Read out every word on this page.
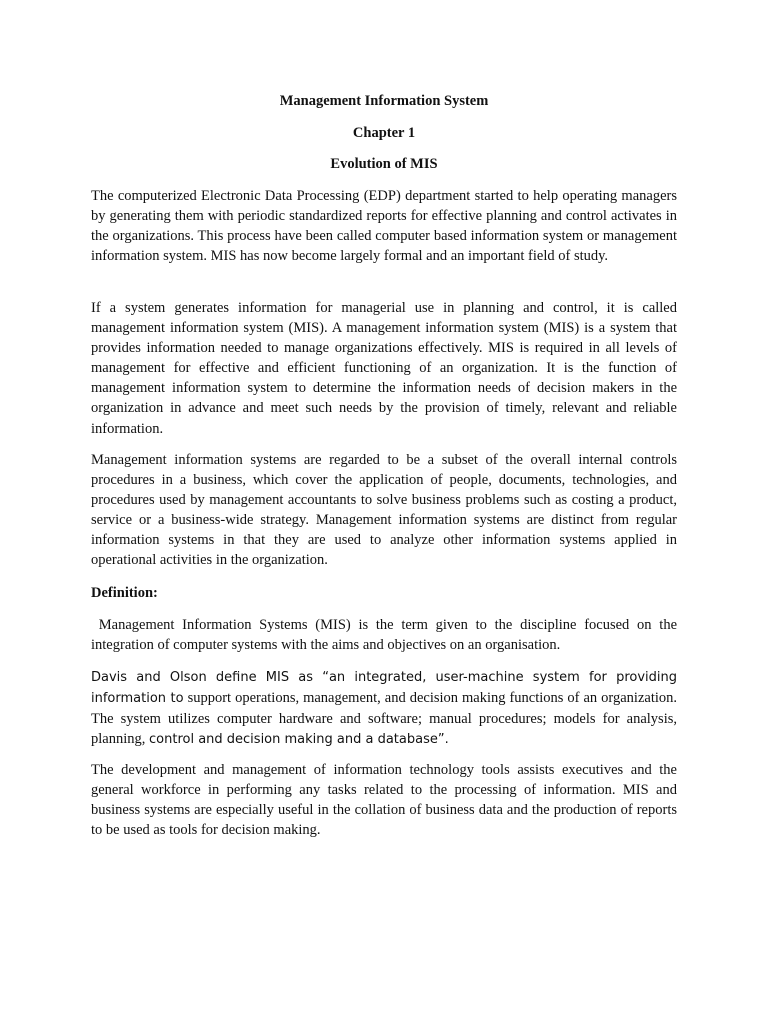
Management Information System
Chapter 1
Evolution of MIS

The computerized Electronic Data Processing (EDP) department started to help operating managers by generating them with periodic standardized reports for effective planning and control activates in the organizations. This process have been called computer based information system or management information system. MIS has now become largely formal and an important field of study.

If a system generates information for managerial use in planning and control, it is called management information system (MIS). A management information system (MIS) is a system that provides information needed to manage organizations effectively. MIS is required in all levels of management for effective and efficient functioning of an organization. It is the function of management information system to determine the information needs of decision makers in the organization in advance and meet such needs by the provision of timely, relevant and reliable information.

Management information systems are regarded to be a subset of the overall internal controls procedures in a business, which cover the application of people, documents, technologies, and procedures used by management accountants to solve business problems such as costing a product, service or a business-wide strategy. Management information systems are distinct from regular information systems in that they are used to analyze other information systems applied in operational activities in the organization.

Definition:

Management Information Systems (MIS) is the term given to the discipline focused on the integration of computer systems with the aims and objectives on an organisation.

Davis and Olson define MIS as “an integrated, user-machine system for providing information to support operations, management, and decision making functions of an organization. The system utilizes computer hardware and software; manual procedures; models for analysis, planning, control and decision making and a database”.

The development and management of information technology tools assists executives and the general workforce in performing any tasks related to the processing of information. MIS and business systems are especially useful in the collation of business data and the production of reports to be used as tools for decision making.
